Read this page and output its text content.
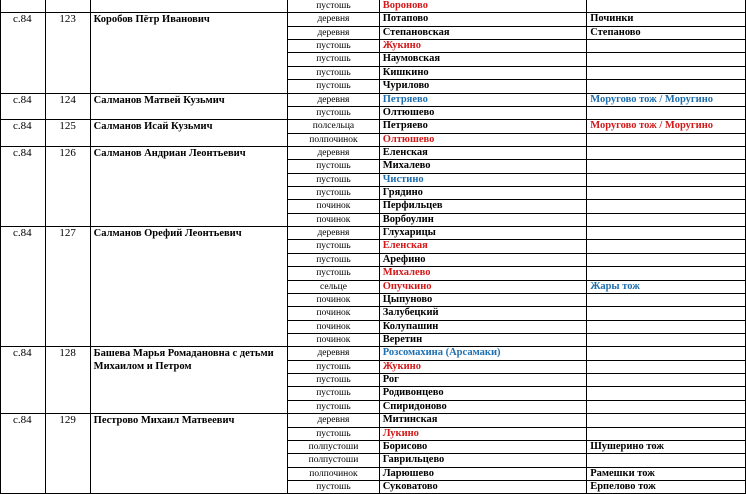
			пустошь	Вороново	
с.84	123	Коробов Пётр Иванович	деревня	Потапово	Починки
			деревня	Степановская	Степаново
			пустошь	Жукино	
			пустошь	Наумовская	
			пустошь	Кишкино	
			пустошь	Чурилово	
с.84	124	Салманов Матвей Кузьмич	деревня	Петряево	Моругово тож / Моругино
			пустошь	Олтюшево	
с.84	125	Салманов Исай Кузьмич	полсельца	Петряево	Моругово тож / Моругино
			полпочинок	Олтюшево	
с.84	126	Салманов Андриан Леонтьевич	деревня	Еленская	
			пустошь	Михалево	
			пустошь	Чистино	
			пустошь	Грядино	
			починок	Перфильцев	
			починок	Ворбоулин	
с.84	127	Салманов Орефий Леонтьевич	деревня	Глухарицы	
			пустошь	Еленская	
			пустошь	Арефино	
			пустошь	Михалево	
			сельце	Опучкино	Жары тож
			починок	Цыпуново	
			починок	Залубецкий	
			починок	Колупашин	
			починок	Веретин	
с.84	128	Башева Марья Ромадановна с детьми Михаилом и Петром	деревня	Розсомахина (Арсамаки)	
			пустошь	Жукино	
			пустошь	Рог	
			пустошь	Родивонцево	
			пустошь	Спиридоново	
с.84	129	Пестрово Михаил Матвеевич	деревня	Митинская	
			пустошь	Лукино	
			полпустоши	Борисово	Шушерино тож
			полпустоши	Гаврильцево	
			полпочинок	Ларюшево	Рамешки тож
			пустошь	Суковатово	Ерпелово тож
